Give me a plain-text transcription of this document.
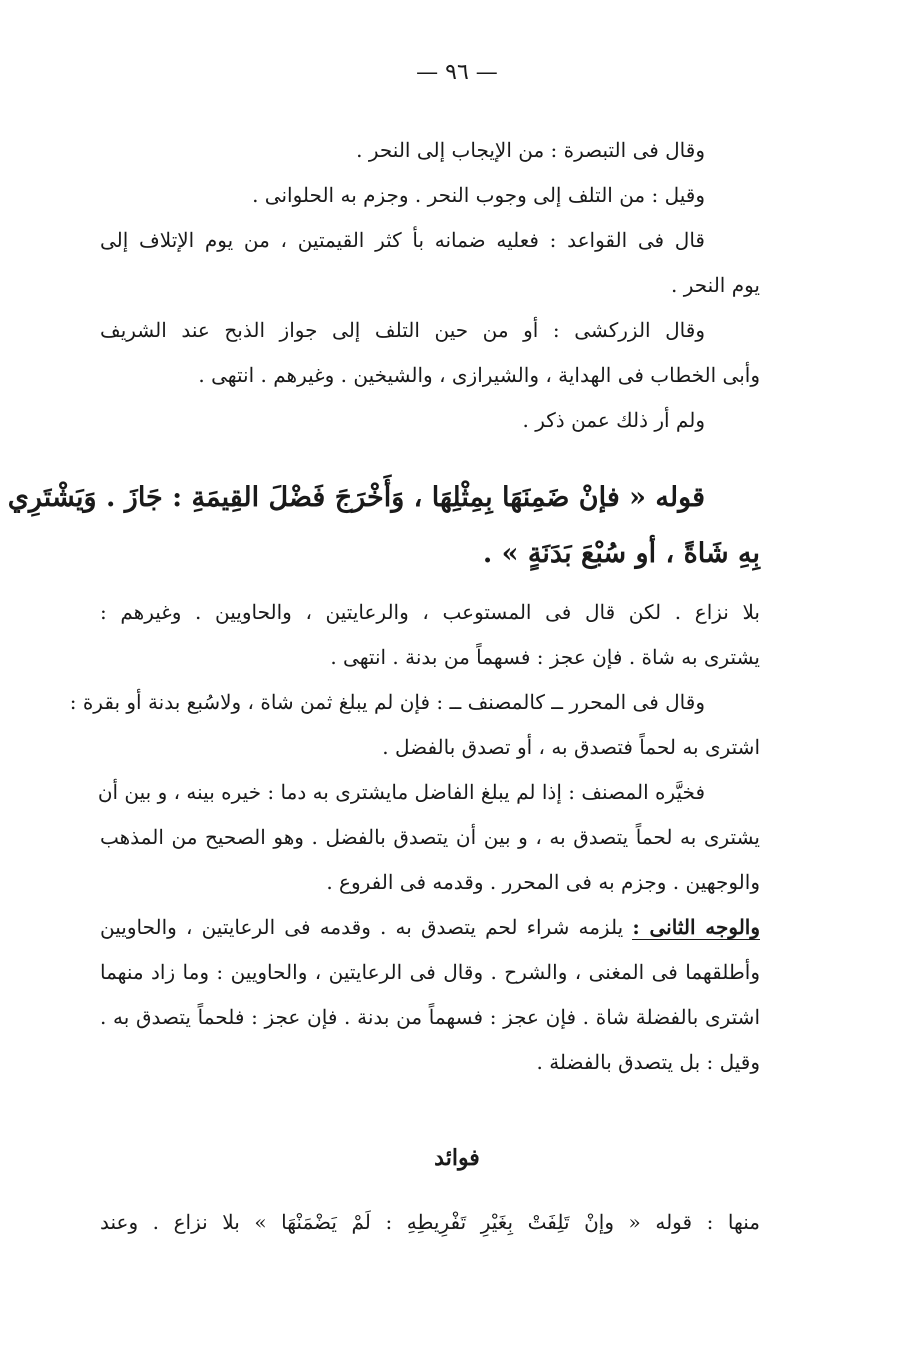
— ٩٦ —
وقال فى التبصرة : من الإيجاب إلى النحر .
وقيل : من التلف إلى وجوب النحر . وجزم به الحلوانى .
قال فى القواعد : فعليه ضمانه بأ كثر القيمتين ، من يوم الإتلاف إلى
يوم النحر .
وقال الزركشى : أو من حين التلف إلى جواز الذبح عند الشريف
وأبى الخطاب فى الهداية ، والشيرازى ، والشيخين . وغيرهم . انتهى .
ولم أر ذلك عمن ذكر .
قوله « فإنْ ضَمِنَهَا بِمِثْلِهَا ، وَأَخْرَجَ فَضْلَ القِيمَةِ : جَازَ . وَيَشْتَرِي
بِهِ شَاةً ، أو سُبْعَ بَدَنَةٍ » .
بلا نزاع . لكن قال فى المستوعب ، والرعايتين ، والحاويين . وغيرهم :
يشترى به شاة . فإن عجز : فسهماً من بدنة . انتهى .
وقال فى المحرر ــ كالمصنف ــ : فإن لم يبلغ ثمن شاة ، ولاسُبع بدنة أو بقرة :
اشترى به لحماً فتصدق به ، أو تصدق بالفضل .
فخيَّره المصنف : إذا لم يبلغ الفاضل مايشترى به دما : خيره بينه ، و بين أن
يشترى به لحماً يتصدق به ، و بين أن يتصدق بالفضل . وهو الصحيح من المذهب
والوجهين . وجزم به فى المحرر . وقدمه فى الفروع .
والوجه الثانى : يلزمه شراء لحم يتصدق به . وقدمه فى الرعايتين ، والحاويين
وأطلقهما فى المغنى ، والشرح . وقال فى الرعايتين ، والحاويين : وما زاد منهما
اشترى بالفضلة شاة . فإن عجز : فسهماً من بدنة . فإن عجز : فلحماً يتصدق به .
وقيل : بل يتصدق بالفضلة .
فوائد
منها : قوله « وإنْ تَلِفَتْ بِغَيْرِ تَفْرِيطِهِ : لَمْ يَضْمَنْهَا » بلا نزاع . وعند
